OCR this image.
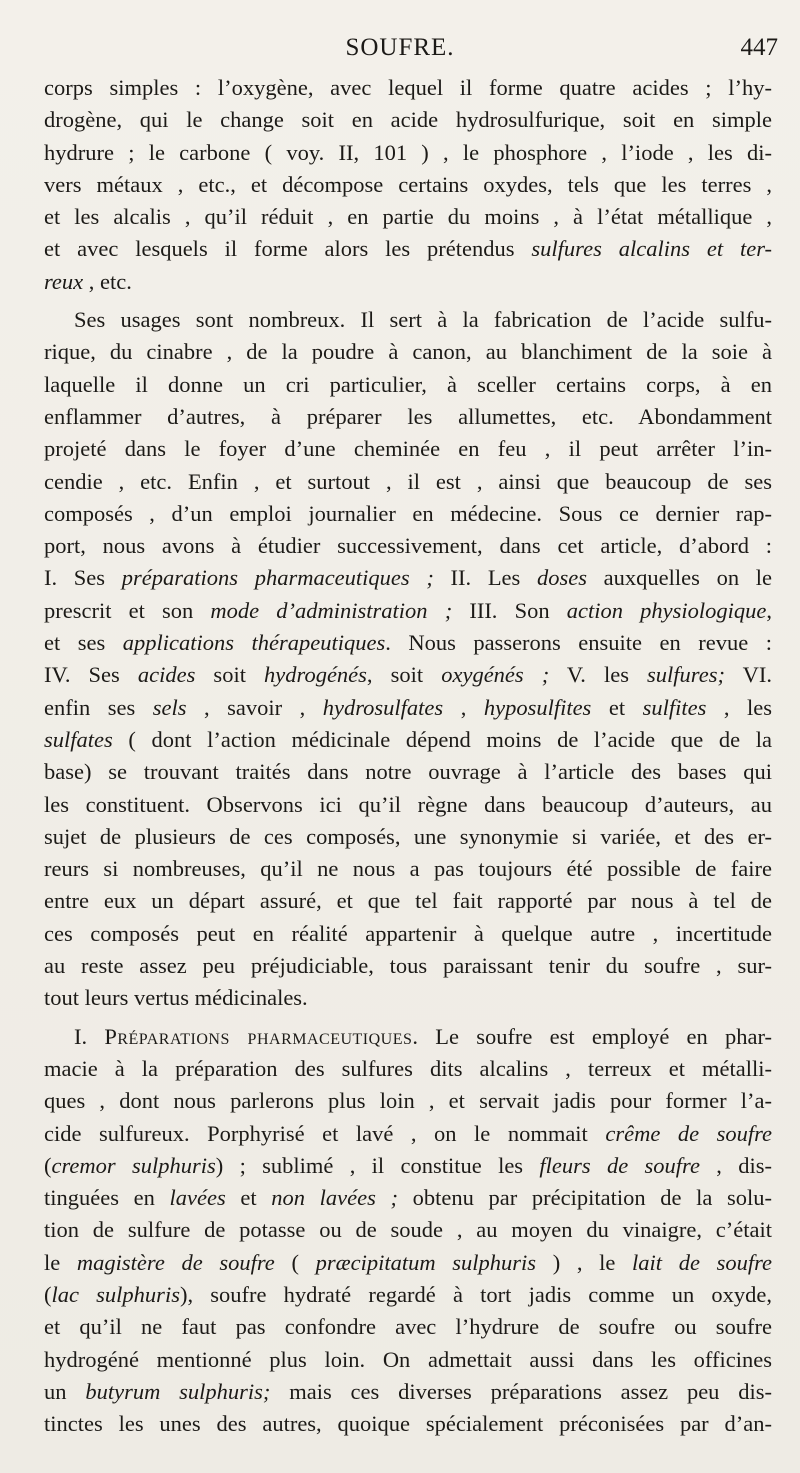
SOUFRE.	447
corps simples : l’oxygène, avec lequel il forme quatre acides ; l’hy-
drogène, qui le change soit en acide hydrosulfurique, soit en simple
hydrure ; le carbone ( voy. II, 101 ) , le phosphore , l’iode , les di-
vers métaux , etc., et décompose certains oxydes, tels que les terres ,
et les alcalis , qu’il réduit , en partie du moins , à l’état métallique ,
et avec lesquels il forme alors les prétendus sulfures alcalins et ter-
reux , etc.
Ses usages sont nombreux. Il sert à la fabrication de l’acide sulfu-
rique, du cinabre , de la poudre à canon, au blanchiment de la soie à
laquelle il donne un cri particulier, à sceller certains corps, à en
enflammer d’autres, à préparer les allumettes, etc. Abondamment
projeté dans le foyer d’une cheminée en feu , il peut arrêter l’in-
cendie , etc. Enfin , et surtout , il est , ainsi que beaucoup de ses
composés , d’un emploi journalier en médecine. Sous ce dernier rap-
port, nous avons à étudier successivement, dans cet article, d’abord :
I. Ses préparations pharmaceutiques ; II. Les doses auxquelles on le
prescrit et son mode d’administration ; III. Son action physiologique,
et ses applications thérapeutiques. Nous passerons ensuite en revue :
IV. Ses acides soit hydrogénés, soit oxygénés ; V. les sulfures; VI.
enfin ses sels , savoir , hydrosulfates , hyposulfites et sulfites , les
sulfates ( dont l’action médicinale dépend moins de l’acide que de la
base) se trouvant traités dans notre ouvrage à l’article des bases qui
les constituent. Observons ici qu’il règne dans beaucoup d’auteurs, au
sujet de plusieurs de ces composés, une synonymie si variée, et des er-
reurs si nombreuses, qu’il ne nous a pas toujours été possible de faire
entre eux un départ assuré, et que tel fait rapporté par nous à tel de
ces composés peut en réalité appartenir à quelque autre , incertitude
au reste assez peu préjudiciable, tous paraissant tenir du soufre , sur-
tout leurs vertus médicinales.
I. Préparations pharmaceutiques. Le soufre est employé en phar-
macie à la préparation des sulfures dits alcalins , terreux et métalli-
ques , dont nous parlerons plus loin , et servait jadis pour former l’a-
cide sulfureux. Porphyrisé et lavé , on le nommait crême de soufre
(cremor sulphuris) ; sublimé , il constitue les fleurs de soufre , dis-
tinguées en lavées et non lavées ; obtenu par précipitation de la solu-
tion de sulfure de potasse ou de soude , au moyen du vinaigre, c’était
le magistère de soufre ( præcipitatum sulphuris ) , le lait de soufre
(lac sulphuris), soufre hydraté regardé à tort jadis comme un oxyde,
et qu’il ne faut pas confondre avec l’hydrure de soufre ou soufre
hydrogéné mentionné plus loin. On admettait aussi dans les officines
un butyrum sulphuris; mais ces diverses préparations assez peu dis-
tinctes les unes des autres, quoique spécialement préconisées par d’an-
